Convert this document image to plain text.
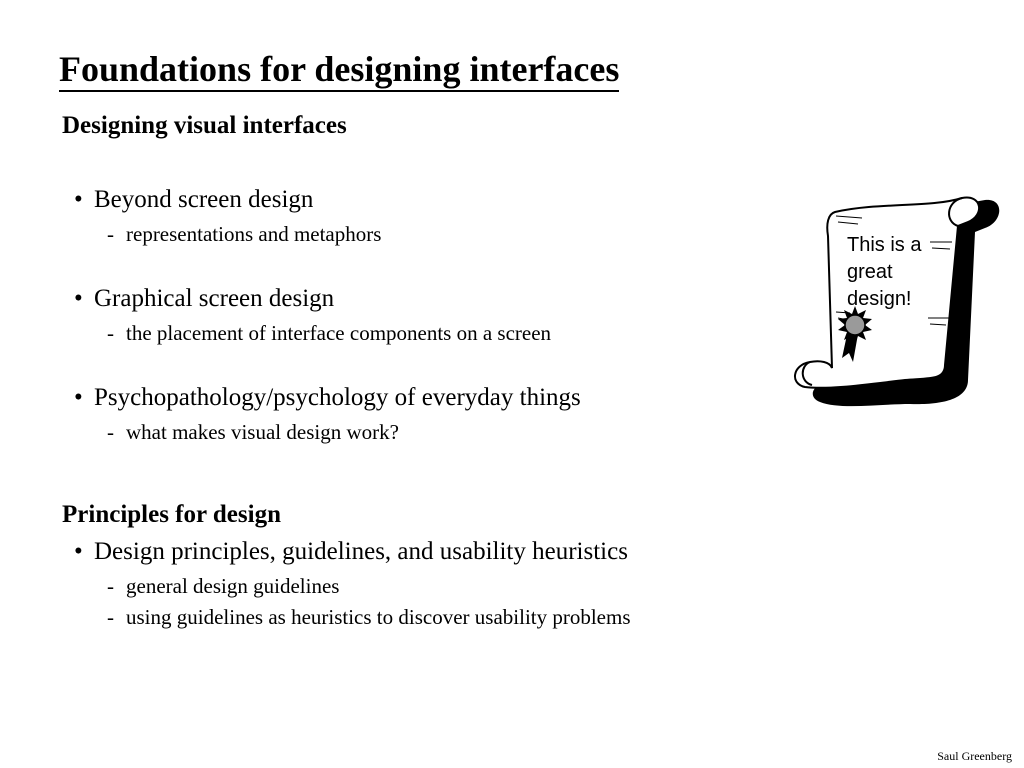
Foundations for designing interfaces
Designing visual interfaces
• Beyond screen design
- representations and metaphors
• Graphical screen design
- the placement of interface components on a screen
• Psychopathology/psychology of everyday things
- what makes visual design work?
Principles for design
• Design principles, guidelines, and usability heuristics
- general design guidelines
- using guidelines as heuristics to discover usability problems
This is a
great
design!
Saul Greenberg
